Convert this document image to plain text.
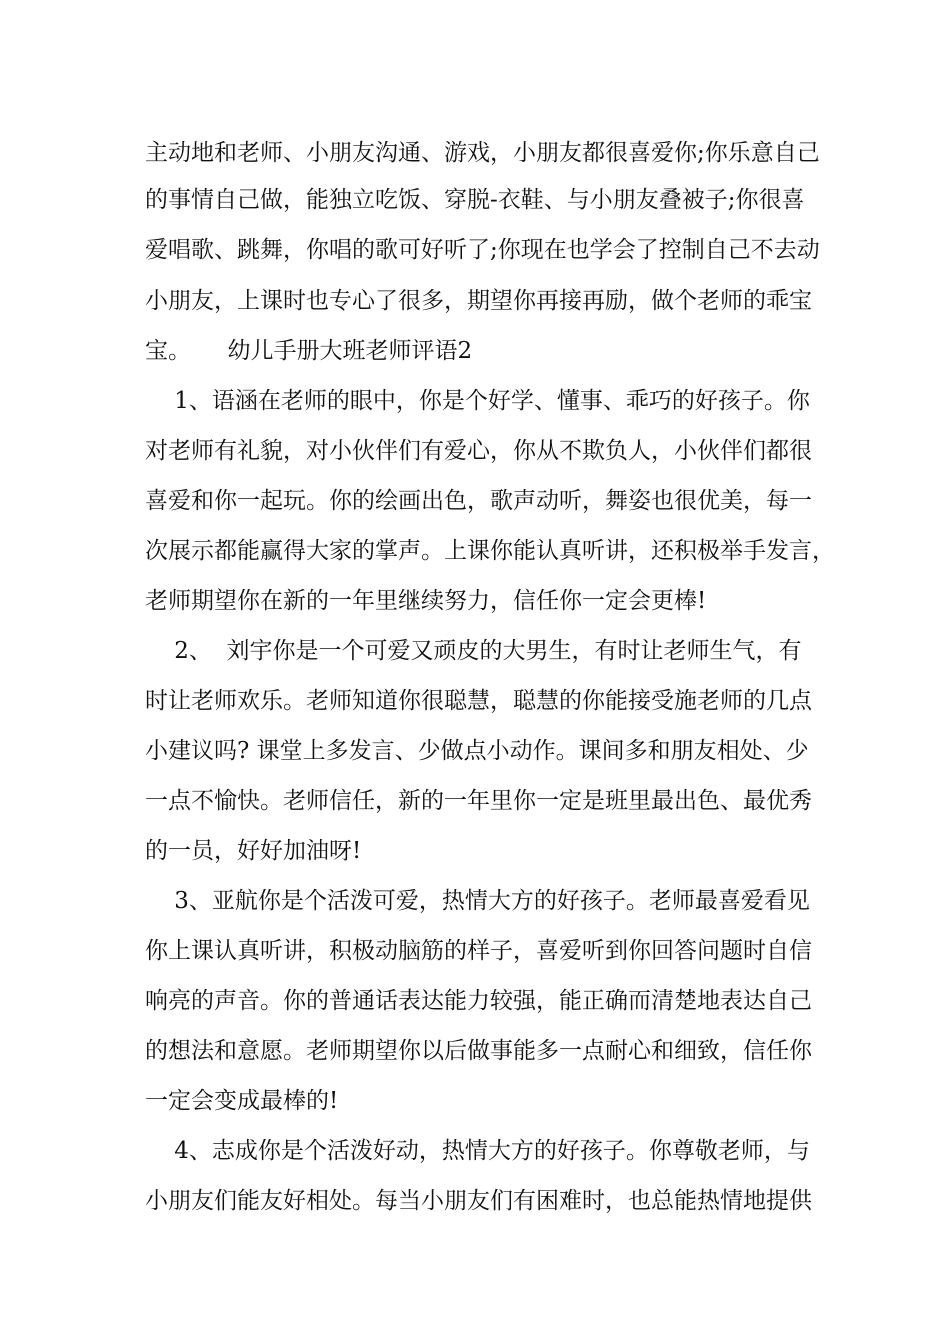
主动地和老师、小朋友沟通、游戏，小朋友都很喜爱你;你乐意自己

的事情自己做，能独立吃饭、穿脱-衣鞋、与小朋友叠被子;你很喜

爱唱歌、跳舞，你唱的歌可好听了;你现在也学会了控制自己不去动

小朋友，上课时也专心了很多，期望你再接再励，做个老师的乖宝

宝。     幼儿手册大班老师评语2

1、语涵在老师的眼中，你是个好学、懂事、乖巧的好孩子。你

对老师有礼貌，对小伙伴们有爱心，你从不欺负人，小伙伴们都很

喜爱和你一起玩。你的绘画出色，歌声动听，舞姿也很优美，每一

次展示都能赢得大家的掌声。上课你能认真听讲，还积极举手发言，

老师期望你在新的一年里继续努力，信任你一定会更棒!

2、  刘宇你是一个可爱又顽皮的大男生，有时让老师生气，有

时让老师欢乐。老师知道你很聪慧，聪慧的你能接受施老师的几点

小建议吗? 课堂上多发言、少做点小动作。课间多和朋友相处、少

一点不愉快。老师信任，新的一年里你一定是班里最出色、最优秀

的一员，好好加油呀!

3、亚航你是个活泼可爱，热情大方的好孩子。老师最喜爱看见

你上课认真听讲，积极动脑筋的样子，喜爱听到你回答问题时自信

响亮的声音。你的普通话表达能力较强，能正确而清楚地表达自己

的想法和意愿。老师期望你以后做事能多一点耐心和细致，信任你

一定会变成最棒的!

4、志成你是个活泼好动，热情大方的好孩子。你尊敬老师，与

小朋友们能友好相处。每当小朋友们有困难时，也总能热情地提供
